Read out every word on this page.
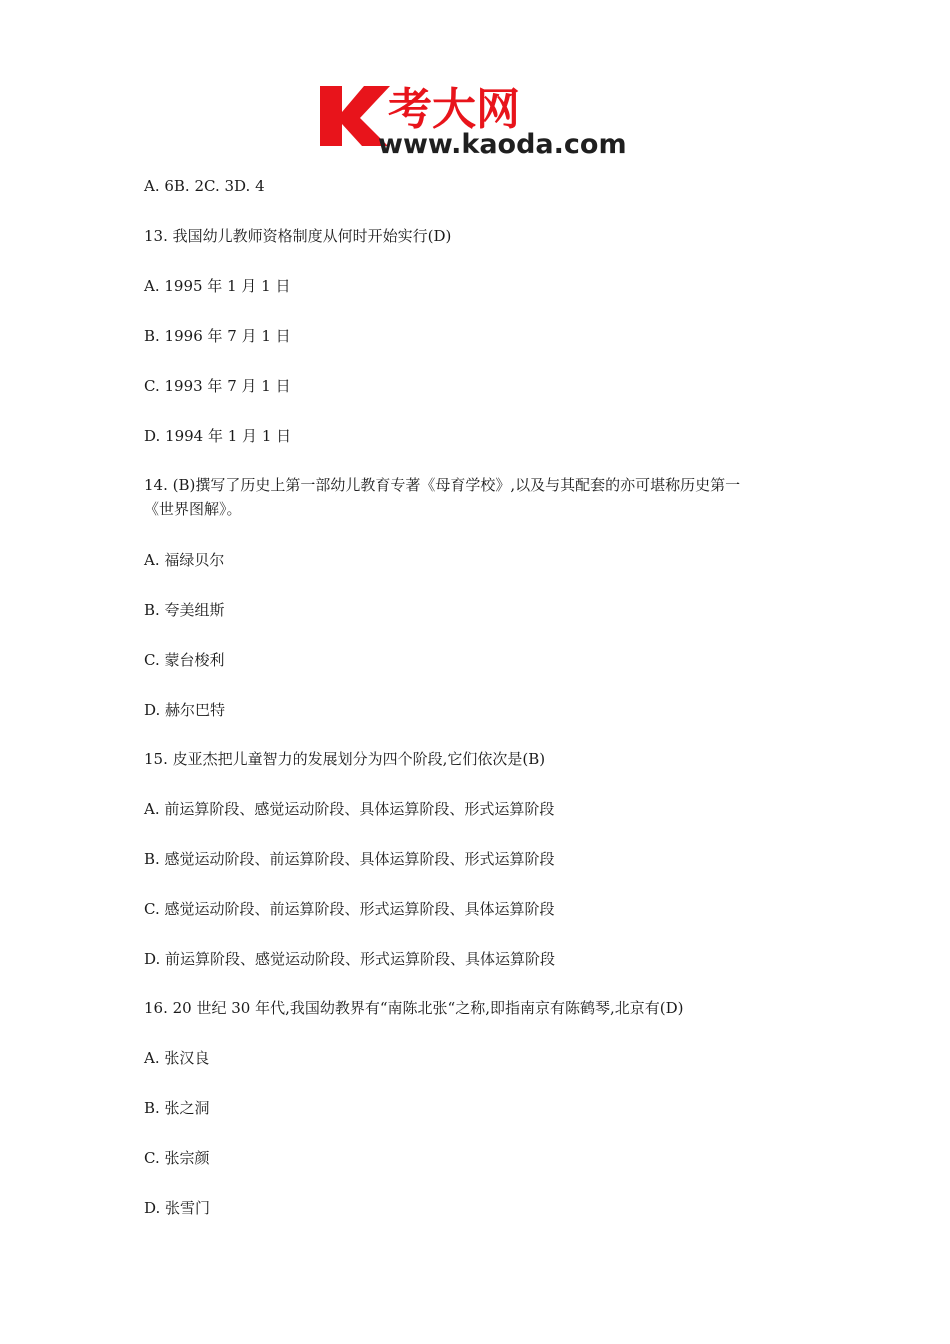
考大网
www.kaoda.com
A. 6B. 2C. 3D. 4
13. 我国幼儿教师资格制度从何时开始实行(D)
A. 1995 年 1 月 1 日
B. 1996 年 7 月 1 日
C. 1993 年 7 月 1 日
D. 1994 年 1 月 1 日
14. (B)撰写了历史上第一部幼儿教育专著《母育学校》,以及与其配套的亦可堪称历史第一
《世界图解》。
A. 福绿贝尔
B. 夸美组斯
C. 蒙台梭利
D. 赫尔巴特
15. 皮亚杰把儿童智力的发展划分为四个阶段,它们依次是(B)
A. 前运算阶段、感觉运动阶段、具体运算阶段、形式运算阶段
B. 感觉运动阶段、前运算阶段、具体运算阶段、形式运算阶段
C. 感觉运动阶段、前运算阶段、形式运算阶段、具体运算阶段
D. 前运算阶段、感觉运动阶段、形式运算阶段、具体运算阶段
16. 20 世纪 30 年代,我国幼教界有“南陈北张“之称,即指南京有陈鹤琴,北京有(D)
A. 张汉良
B. 张之洞
C. 张宗颜
D. 张雪门
